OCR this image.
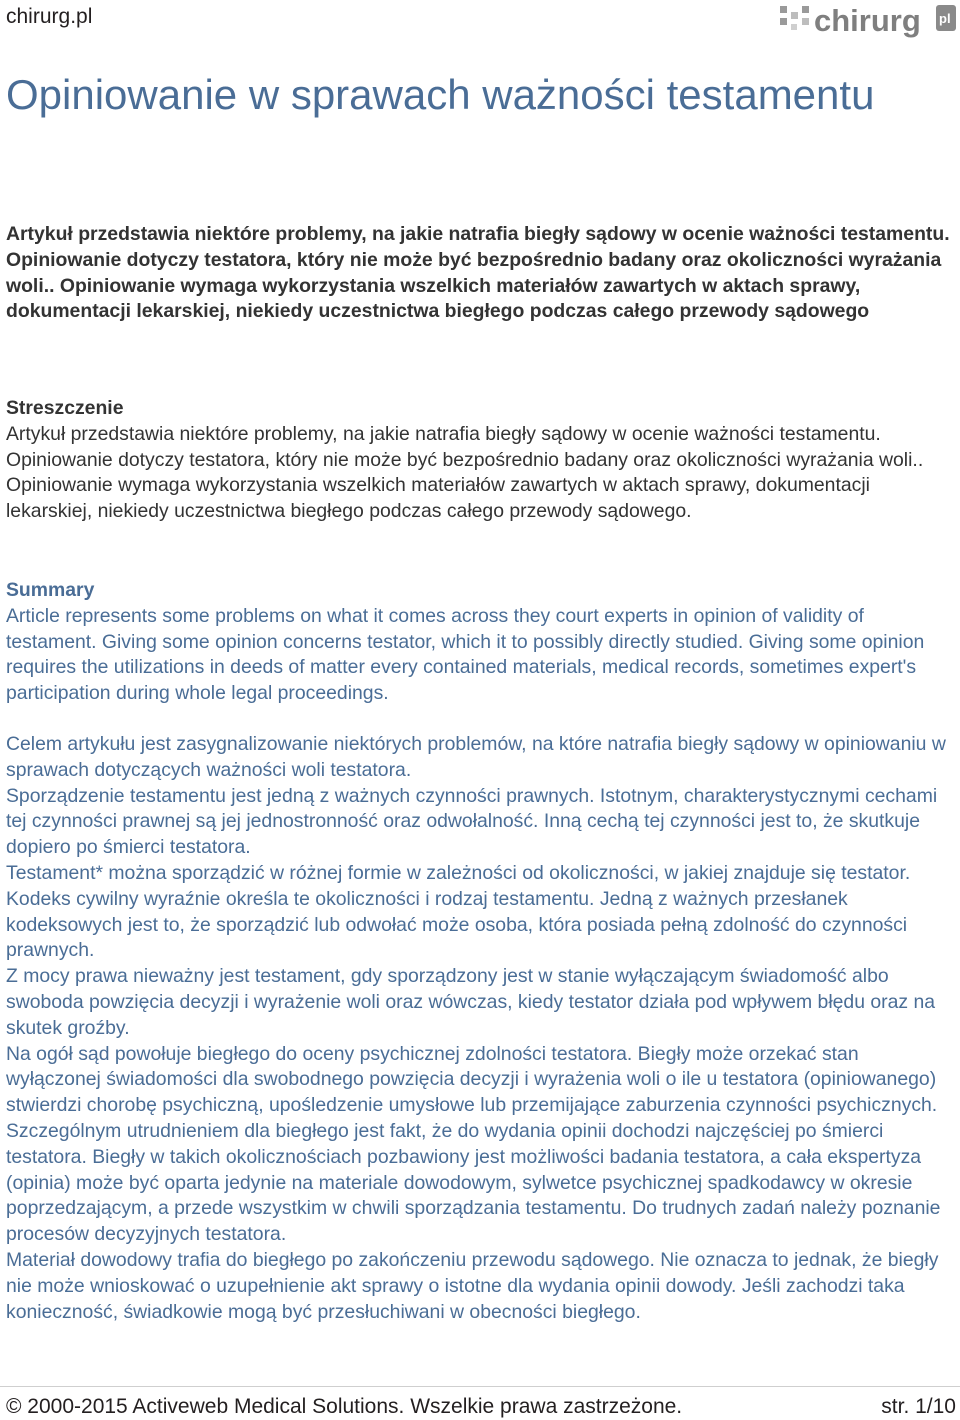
chirurg.pl	chirurg pl
Opiniowanie w sprawach ważności testamentu

Artykuł przedstawia niektóre problemy, na jakie natrafia biegły sądowy w ocenie ważności testamentu. Opiniowanie dotyczy testatora, który nie może być bezpośrednio badany oraz okoliczności wyrażania woli.. Opiniowanie wymaga wykorzystania wszelkich materiałów zawartych w aktach sprawy, dokumentacji lekarskiej, niekiedy uczestnictwa biegłego podczas całego przewody sądowego

Streszczenie

Artykuł przedstawia niektóre problemy, na jakie natrafia biegły sądowy w ocenie ważności testamentu. Opiniowanie dotyczy testatora, który nie może być bezpośrednio badany oraz okoliczności wyrażania woli.. Opiniowanie wymaga wykorzystania wszelkich materiałów zawartych w aktach sprawy, dokumentacji lekarskiej, niekiedy uczestnictwa biegłego podczas całego przewody sądowego.

Summary

Article represents some problems on what it comes across they court experts in opinion of validity of testament. Giving some opinion concerns testator, which it to possibly directly studied. Giving some opinion requires the utilizations in deeds of matter every contained materials, medical records, sometimes expert's participation during whole legal proceedings.

Celem artykułu jest zasygnalizowanie niektórych problemów, na które natrafia biegły sądowy w opiniowaniu w sprawach dotyczących ważności woli testatora.

Sporządzenie testamentu jest jedną z ważnych czynności prawnych. Istotnym, charakterystycznymi cechami tej czynności prawnej są jej jednostronność oraz odwołalność. Inną cechą tej czynności jest to, że skutkuje dopiero po śmierci testatora.

Testament* można sporządzić w różnej formie w zależności od okoliczności, w jakiej znajduje się testator. Kodeks cywilny wyraźnie określa te okoliczności i rodzaj testamentu. Jedną z ważnych przesłanek kodeksowych jest to, że sporządzić lub odwołać może osoba, która posiada pełną zdolność do czynności prawnych.

Z mocy prawa nieważny jest testament, gdy sporządzony jest w stanie wyłączającym świadomość albo swoboda powzięcia decyzji i wyrażenie woli oraz wówczas, kiedy testator działa pod wpływem błędu oraz na skutek groźby.

Na ogół sąd powołuje biegłego do oceny psychicznej zdolności testatora. Biegły może orzekać stan wyłączonej świadomości dla swobodnego powzięcia decyzji i wyrażenia woli o ile u testatora (opiniowanego) stwierdzi chorobę psychiczną, upośledzenie umysłowe lub przemijające zaburzenia czynności psychicznych. Szczególnym utrudnieniem dla biegłego jest fakt, że do wydania opinii dochodzi najczęściej po śmierci testatora. Biegły w takich okolicznościach pozbawiony jest możliwości badania testatora, a cała ekspertyza (opinia) może być oparta jedynie na materiale dowodowym, sylwetce psychicznej spadkodawcy w okresie poprzedzającym, a przede wszystkim w chwili sporządzania testamentu. Do trudnych zadań należy poznanie procesów decyzyjnych testatora.

Materiał dowodowy trafia do biegłego po zakończeniu przewodu sądowego. Nie oznacza to jednak, że biegły nie może wnioskować o uzupełnienie akt sprawy o istotne dla wydania opinii dowody. Jeśli zachodzi taka konieczność, świadkowie mogą być przesłuchiwani w obecności biegłego.

© 2000-2015 Activeweb Medical Solutions. Wszelkie prawa zastrzeżone.	str. 1/10
